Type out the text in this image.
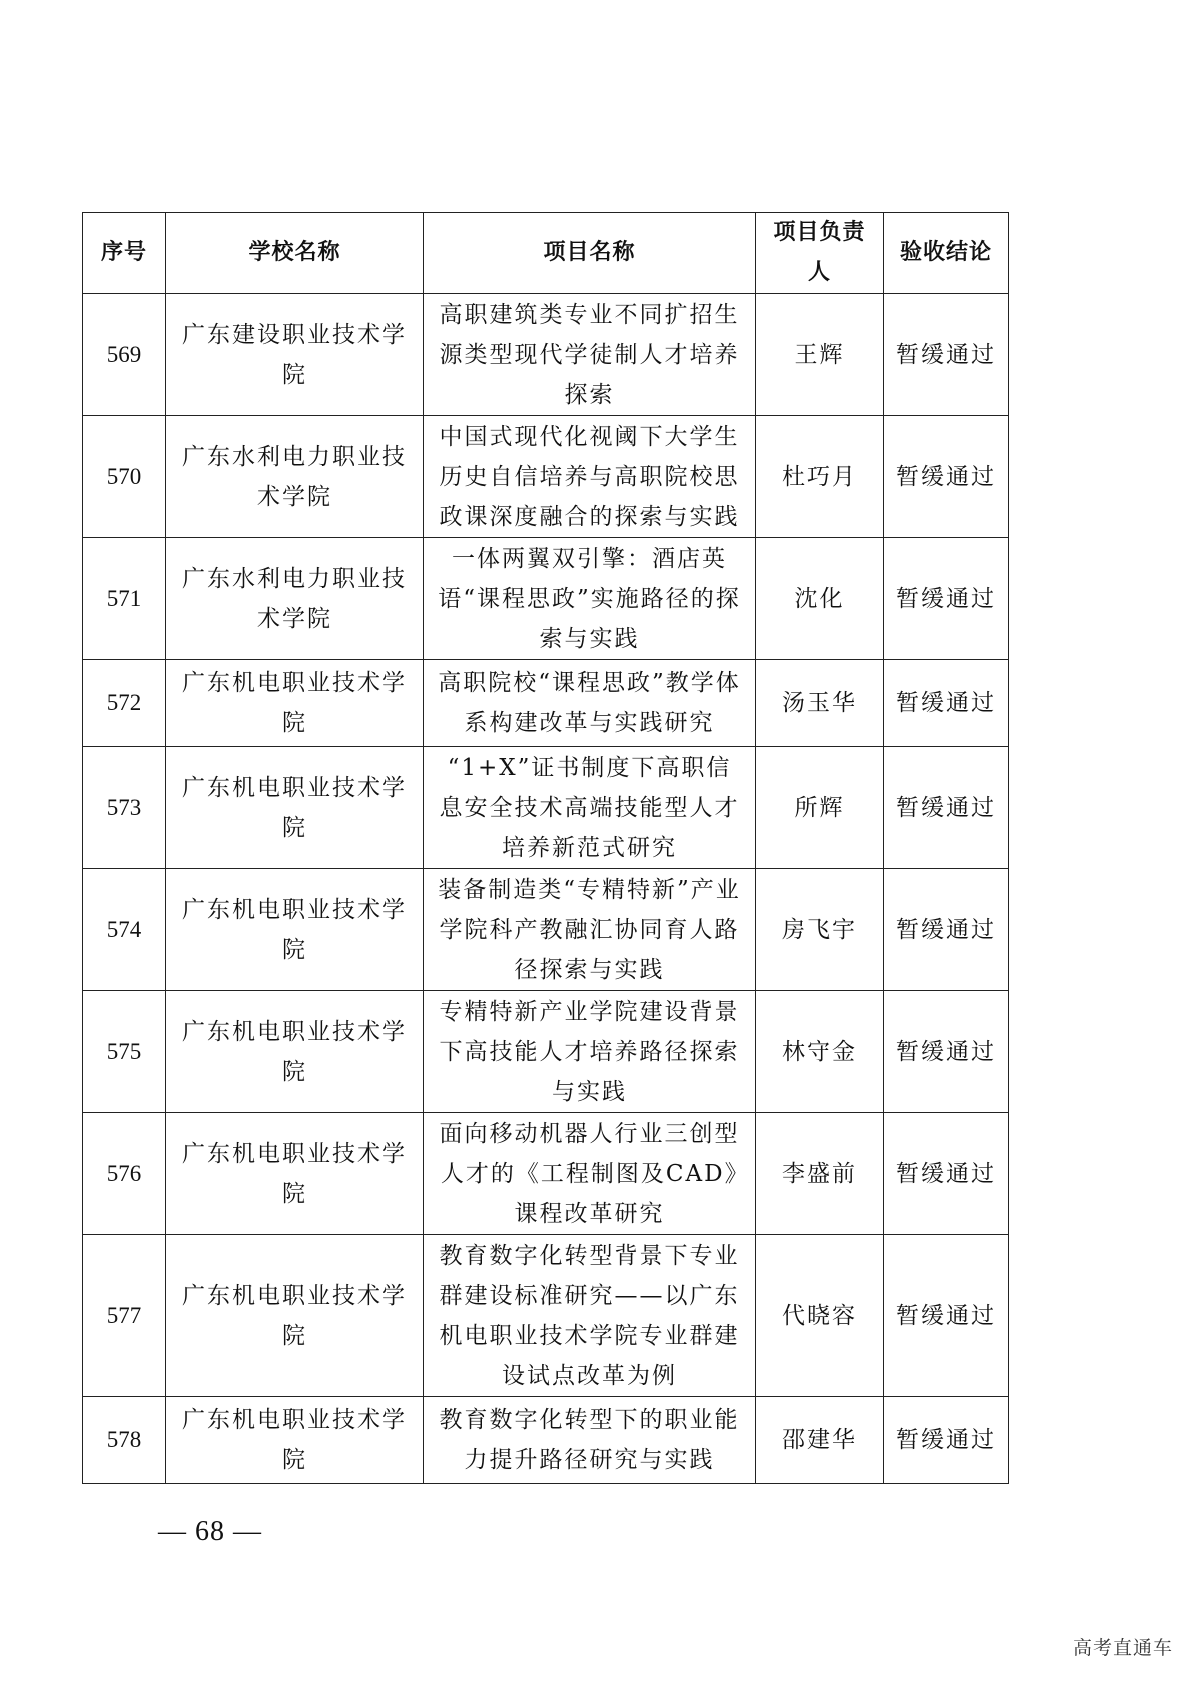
序号	学校名称	项目名称	项目负责人	验收结论
569	广东建设职业技术学院	高职建筑类专业不同扩招生源类型现代学徒制人才培养探索	王辉	暂缓通过
570	广东水利电力职业技术学院	中国式现代化视阈下大学生历史自信培养与高职院校思政课深度融合的探索与实践	杜巧月	暂缓通过
571	广东水利电力职业技术学院	一体两翼双引擎：酒店英语“课程思政”实施路径的探索与实践	沈化	暂缓通过
572	广东机电职业技术学院	高职院校“课程思政”教学体系构建改革与实践研究	汤玉华	暂缓通过
573	广东机电职业技术学院	“1+X”证书制度下高职信息安全技术高端技能型人才培养新范式研究	所辉	暂缓通过
574	广东机电职业技术学院	装备制造类“专精特新”产业学院科产教融汇协同育人路径探索与实践	房飞宇	暂缓通过
575	广东机电职业技术学院	专精特新产业学院建设背景下高技能人才培养路径探索与实践	林守金	暂缓通过
576	广东机电职业技术学院	面向移动机器人行业三创型人才的《工程制图及CAD》课程改革研究	李盛前	暂缓通过
577	广东机电职业技术学院	教育数字化转型背景下专业群建设标准研究——以广东机电职业技术学院专业群建设试点改革为例	代晓容	暂缓通过
578	广东机电职业技术学院	教育数字化转型下的职业能力提升路径研究与实践	邵建华	暂缓通过
— 68 —
高考直通车
